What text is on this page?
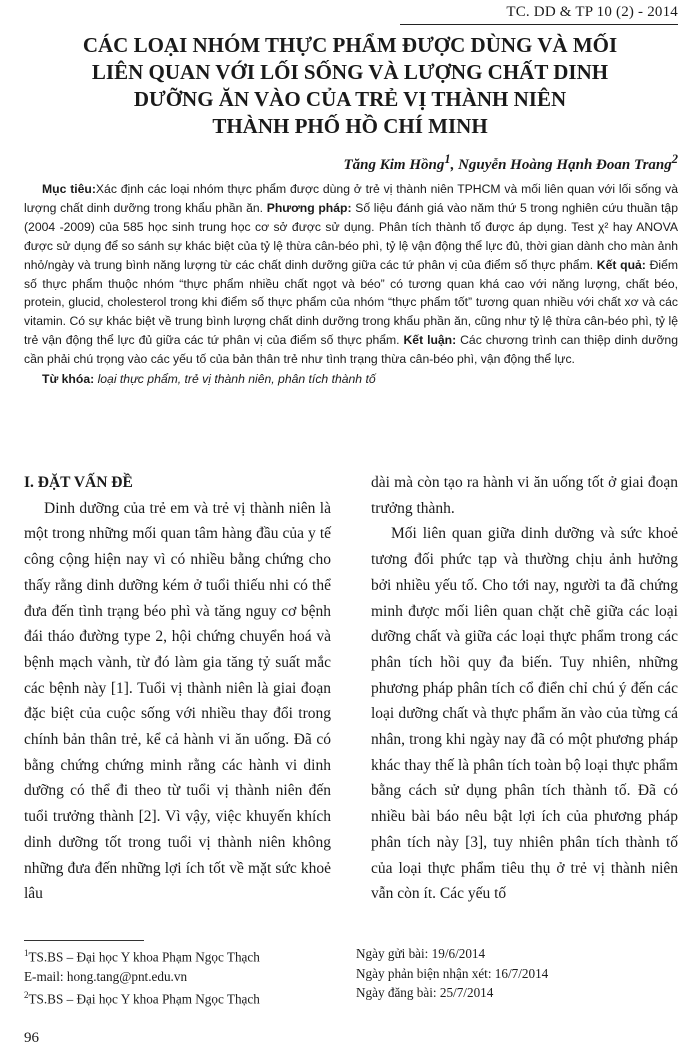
TC. DD & TP 10 (2) - 2014
CÁC LOẠI NHÓM THỰC PHẨM ĐƯỢC DÙNG VÀ MỐI
LIÊN QUAN VỚI LỐI SỐNG VÀ LƯỢNG CHẤT DINH
DƯỠNG ĂN VÀO CỦA TRẺ VỊ THÀNH NIÊN
THÀNH PHỐ HỒ CHÍ MINH
Tăng Kim Hồng$^1$, Nguyễn Hoàng Hạnh Đoan Trang$^2$

Mục tiêu:Xác định các loại nhóm thực phẩm được dùng ở trẻ vị thành niên TPHCM và mối liên quan với lối sống và lượng chất dinh dưỡng trong khẩu phần ăn. Phương pháp: Số liệu đánh giá vào năm thứ 5 trong nghiên cứu thuần tập (2004 -2009) của 585 học sinh trung học cơ sở được sử dụng. Phân tích thành tố được áp dụng. Test χ² hay ANOVA được sử dụng để so sánh sự khác biệt của tỷ lệ thừa cân-béo phì, tỷ lệ vận động thể lực đủ, thời gian dành cho màn ảnh nhỏ/ngày và trung bình năng lượng từ các chất dinh dưỡng giữa các tứ phân vị của điểm số thực phẩm. Kết quả: Điểm số thực phẩm thuộc nhóm “thực phẩm nhiều chất ngọt và béo” có tương quan khá cao với năng lượng, chất béo, protein, glucid, cholesterol trong khi điểm số thực phẩm của nhóm “thực phẩm tốt” tương quan nhiều với chất xơ và các vitamin. Có sự khác biệt về trung bình lượng chất dinh dưỡng trong khẩu phần ăn, cũng như tỷ lệ thừa cân-béo phì, tỷ lệ trẻ vận động thể lực đủ giữa các tứ phân vị của điểm số thực phẩm. Kết luận: Các chương trình can thiệp dinh dưỡng cần phải chú trọng vào các yếu tố của bản thân trẻ như tình trạng thừa cân-béo phì, vận động thể lực.

Từ khóa: loại thực phẩm, trẻ vị thành niên, phân tích thành tố

I. ĐẶT VẤN ĐỀ

Dinh dưỡng của trẻ em và trẻ vị thành niên là một trong những mối quan tâm hàng đầu của y tế công cộng hiện nay vì có nhiều bằng chứng cho thấy rằng dinh dưỡng kém ở tuổi thiếu nhi có thể đưa đến tình trạng béo phì và tăng nguy cơ bệnh đái tháo đường type 2, hội chứng chuyển hoá và bệnh mạch vành, từ đó làm gia tăng tỷ suất mắc các bệnh này [1]. Tuổi vị thành niên là giai đoạn đặc biệt của cuộc sống với nhiều thay đổi trong chính bản thân trẻ, kể cả hành vi ăn uống. Đã có bằng chứng chứng minh rằng các hành vi dinh dưỡng có thể đi theo từ tuổi vị thành niên đến tuổi trưởng thành [2]. Vì vậy, việc khuyến khích dinh dưỡng tốt trong tuổi vị thành niên không những đưa đến những lợi ích tốt về mặt sức khoẻ lâu

dài mà còn tạo ra hành vi ăn uống tốt ở giai đoạn trưởng thành.

Mối liên quan giữa dinh dưỡng và sức khoẻ tương đối phức tạp và thường chịu ảnh hưởng bởi nhiều yếu tố. Cho tới nay, người ta đã chứng minh được mối liên quan chặt chẽ giữa các loại dưỡng chất và giữa các loại thực phẩm trong các phân tích hồi quy đa biến. Tuy nhiên, những phương pháp phân tích cổ điển chỉ chú ý đến các loại dưỡng chất và thực phẩm ăn vào của từng cá nhân, trong khi ngày nay đã có một phương pháp khác thay thế là phân tích toàn bộ loại thực phẩm bằng cách sử dụng phân tích thành tố. Đã có nhiều bài báo nêu bật lợi ích của phương pháp phân tích này [3], tuy nhiên phân tích thành tố của loại thực phẩm tiêu thụ ở trẻ vị thành niên vẫn còn ít. Các yếu tố

$^1$TS.BS – Đại học Y khoa Phạm Ngọc Thạch
E-mail: hong.tang@pnt.edu.vn
$^2$TS.BS – Đại học Y khoa Phạm Ngọc Thạch
Ngày gửi bài: 19/6/2014
Ngày phản biện nhận xét: 16/7/2014
Ngày đăng bài: 25/7/2014
96
